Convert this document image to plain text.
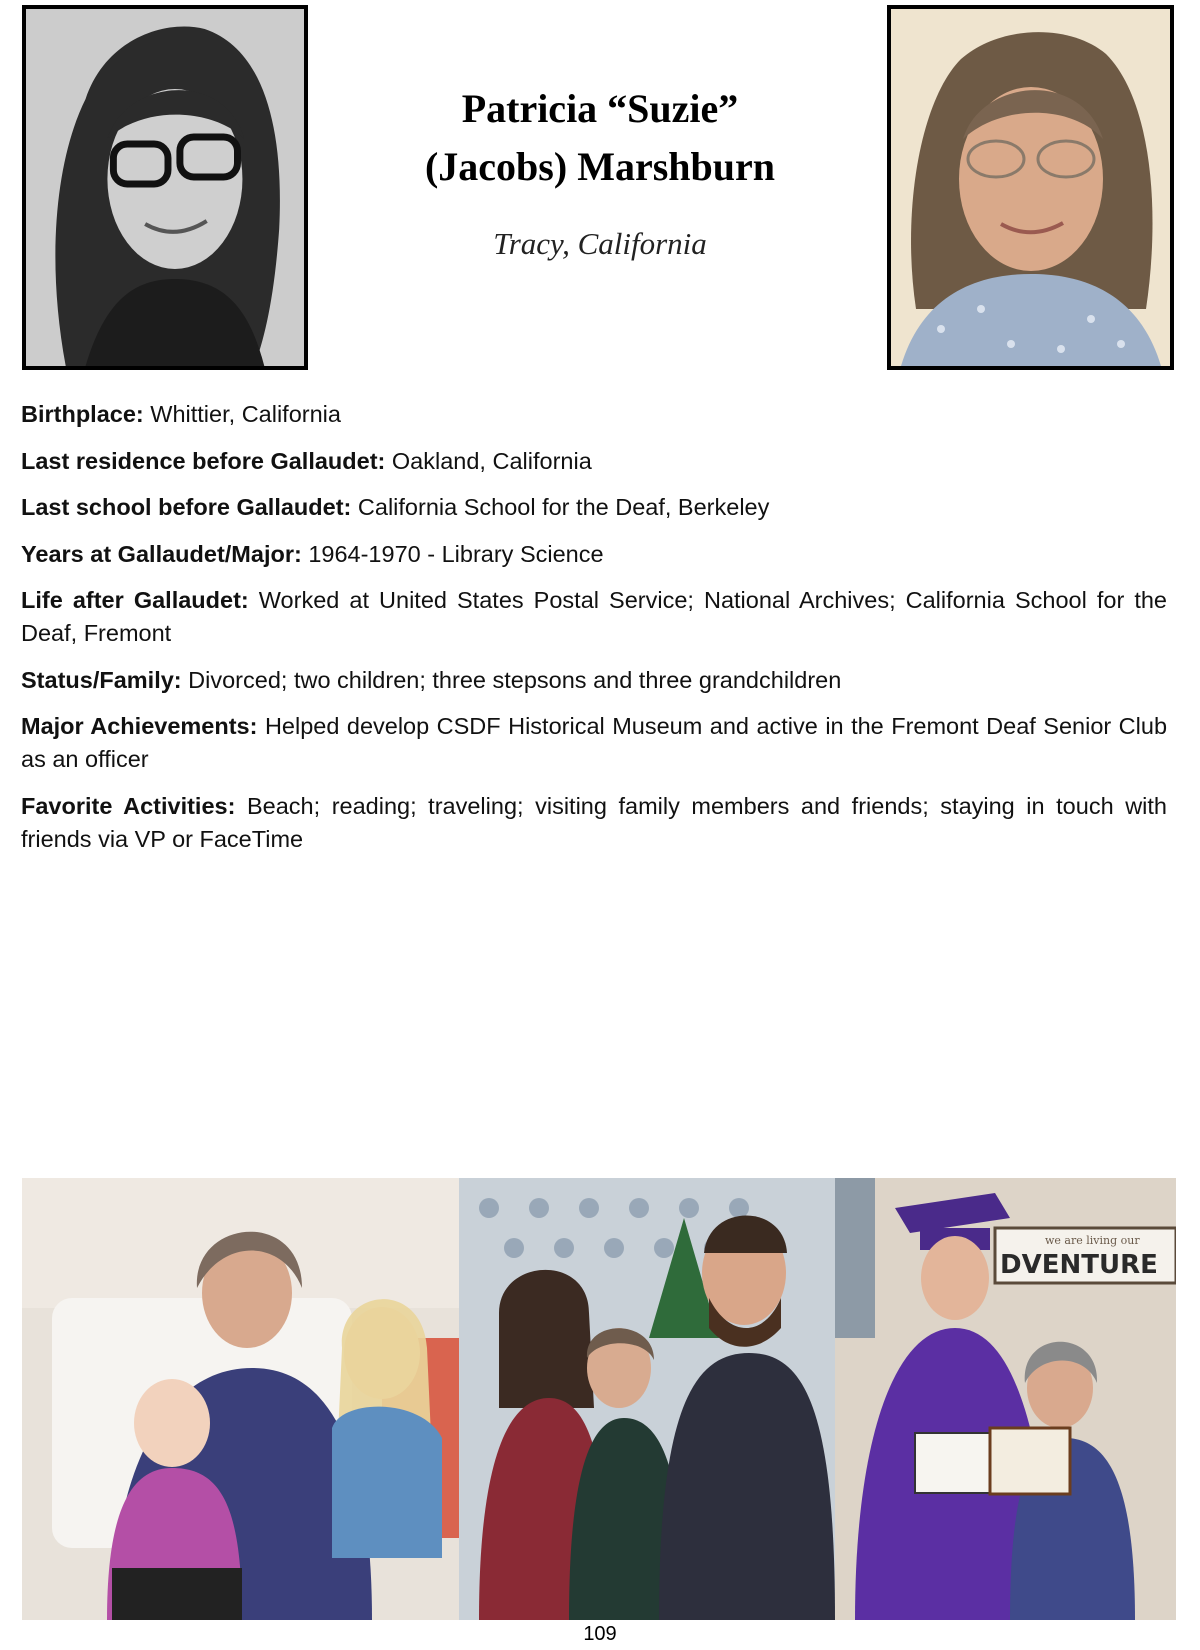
Patricia “Suzie”
(Jacobs) Marshburn
Tracy, California

Birthplace: Whittier, California

Last residence before Gallaudet: Oakland, California

Last school before Gallaudet: California School for the Deaf, Berkeley

Years at Gallaudet/Major: 1964-1970 - Library Science

Life after Gallaudet: Worked at United States Postal Service; National Archives; California School for the Deaf, Fremont

Status/Family: Divorced; two children; three stepsons and three grandchildren

Major Achievements: Helped develop CSDF Historical Museum and active in the Fremont Deaf Senior Club as an officer

Favorite Activities: Beach; reading; traveling; visiting family members and friends; staying in touch with friends via VP or FaceTime

we are living our
DVENTURE
109
